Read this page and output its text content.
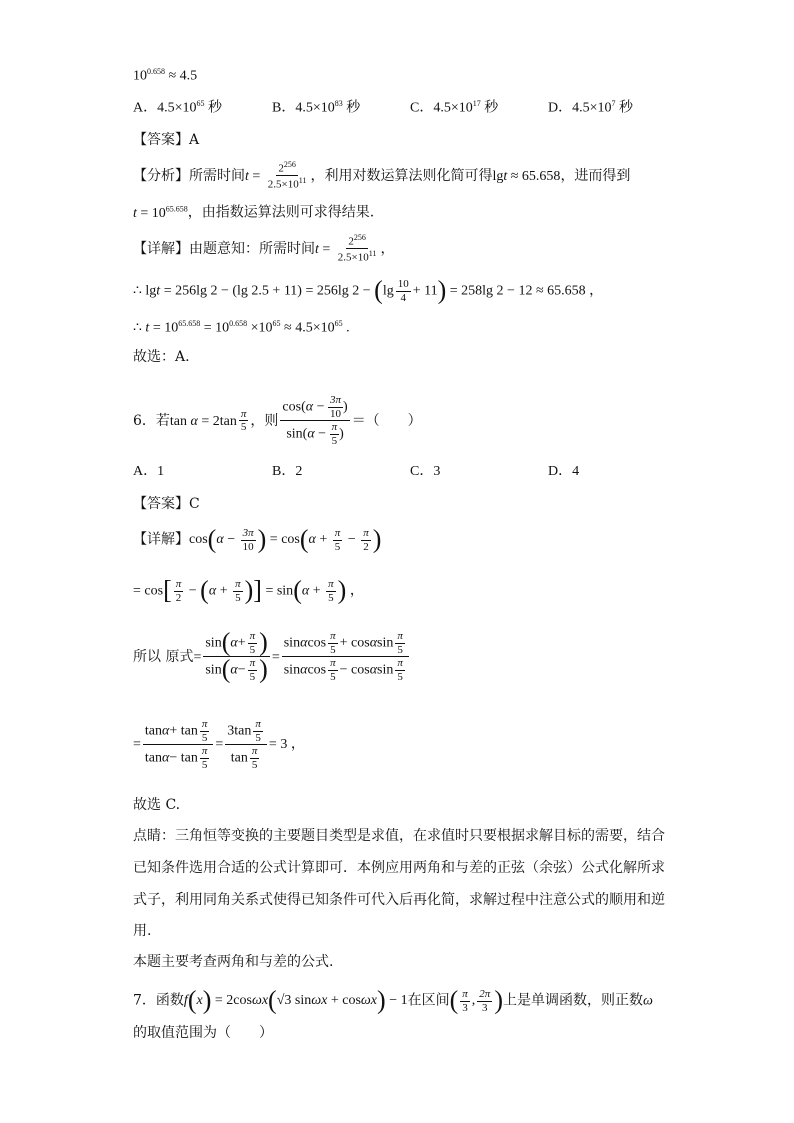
$10^{0.658} \approx 4.5$
A．$4.5\times 10^{65}$ 秒	B．$4.5\times 10^{83}$ 秒	C．$4.5\times 10^{17}$ 秒	D．$4.5\times 10^7$ 秒
【答案】A
【分析】所需时间$t = \frac{2^{256}}{2.5\times 10^{11}}$ ，利用对数运算法则化简可得lgt ≈ 65.658，进而得到
$t = 10^{65.658}$，由指数运算法则可求得结果.
【详解】由题意知：所需时间$t = \frac{2^{256}}{2.5\times 10^{11}}$ ，
∴ lgt = 256lg 2 − (lg 2.5 + 11) = 256lg $2 - (\lg \frac{10}{4} + 11) = 258\lg$ 2 − 12 ≈ 65.658 ，
∴ $t = 10^{65.658} = 10^{0.658} \times 10^{65} \approx 4.5\times 10^{65}$ .
故选：A.
6．若$\tan \alpha = 2\tan \frac{\pi}{5}$ ，则 $\frac{\cos(\alpha - \frac{3\pi}{10} )}{\sin(\alpha - \frac{\pi}{5} )}$ ＝（　　）
A．1	B．2	C．3	D．4
【答案】C
【详解】$\cos(\alpha - \frac{3\pi}{10}$ ) = $\cos(\alpha + \frac{\pi}{5} - \frac{\pi}{2}$ )
= $\cos[ \frac{\pi}{2} - (\alpha + \frac{\pi}{5}$ )] = $\sin(\alpha + \frac{\pi}{5}$ ) ，
所以 原式= $\frac{\sin(\alpha+ \frac{\pi}{5} )}{\sin(\alpha- \frac{\pi}{5} )} = \frac{\sin\alpha\cos \frac{\pi}{5} + \cos\alpha\sin \frac{\pi}{5}}{\sin\alpha\cos \frac{\pi}{5} - \cos\alpha\sin \frac{\pi}{5}}$
= $\frac{\tan\alpha+ \tan \frac{\pi}{5}}{\tan\alpha- \tan \frac{\pi}{5}} = \frac{3\tan \frac{\pi}{5}}{\tan \frac{\pi}{5}} = 3$ ，
故选 C.
点睛：三角恒等变换的主要题目类型是求值，在求值时只要根据求解目标的需要，结合
已知条件选用合适的公式计算即可．本例应用两角和与差的正弦（余弦）公式化解所求
式子，利用同角关系式使得已知条件可代入后再化简，求解过程中注意公式的顺用和逆
用.
本题主要考查两角和与差的公式.
7．函数f(x) = 2cosωx(√3 sinωx + cosωx) − 1在区间( $\frac{\pi}{3}$ , $\frac{2\pi}{3}$ )上是单调函数，则正数ω
的取值范围为（　　）
